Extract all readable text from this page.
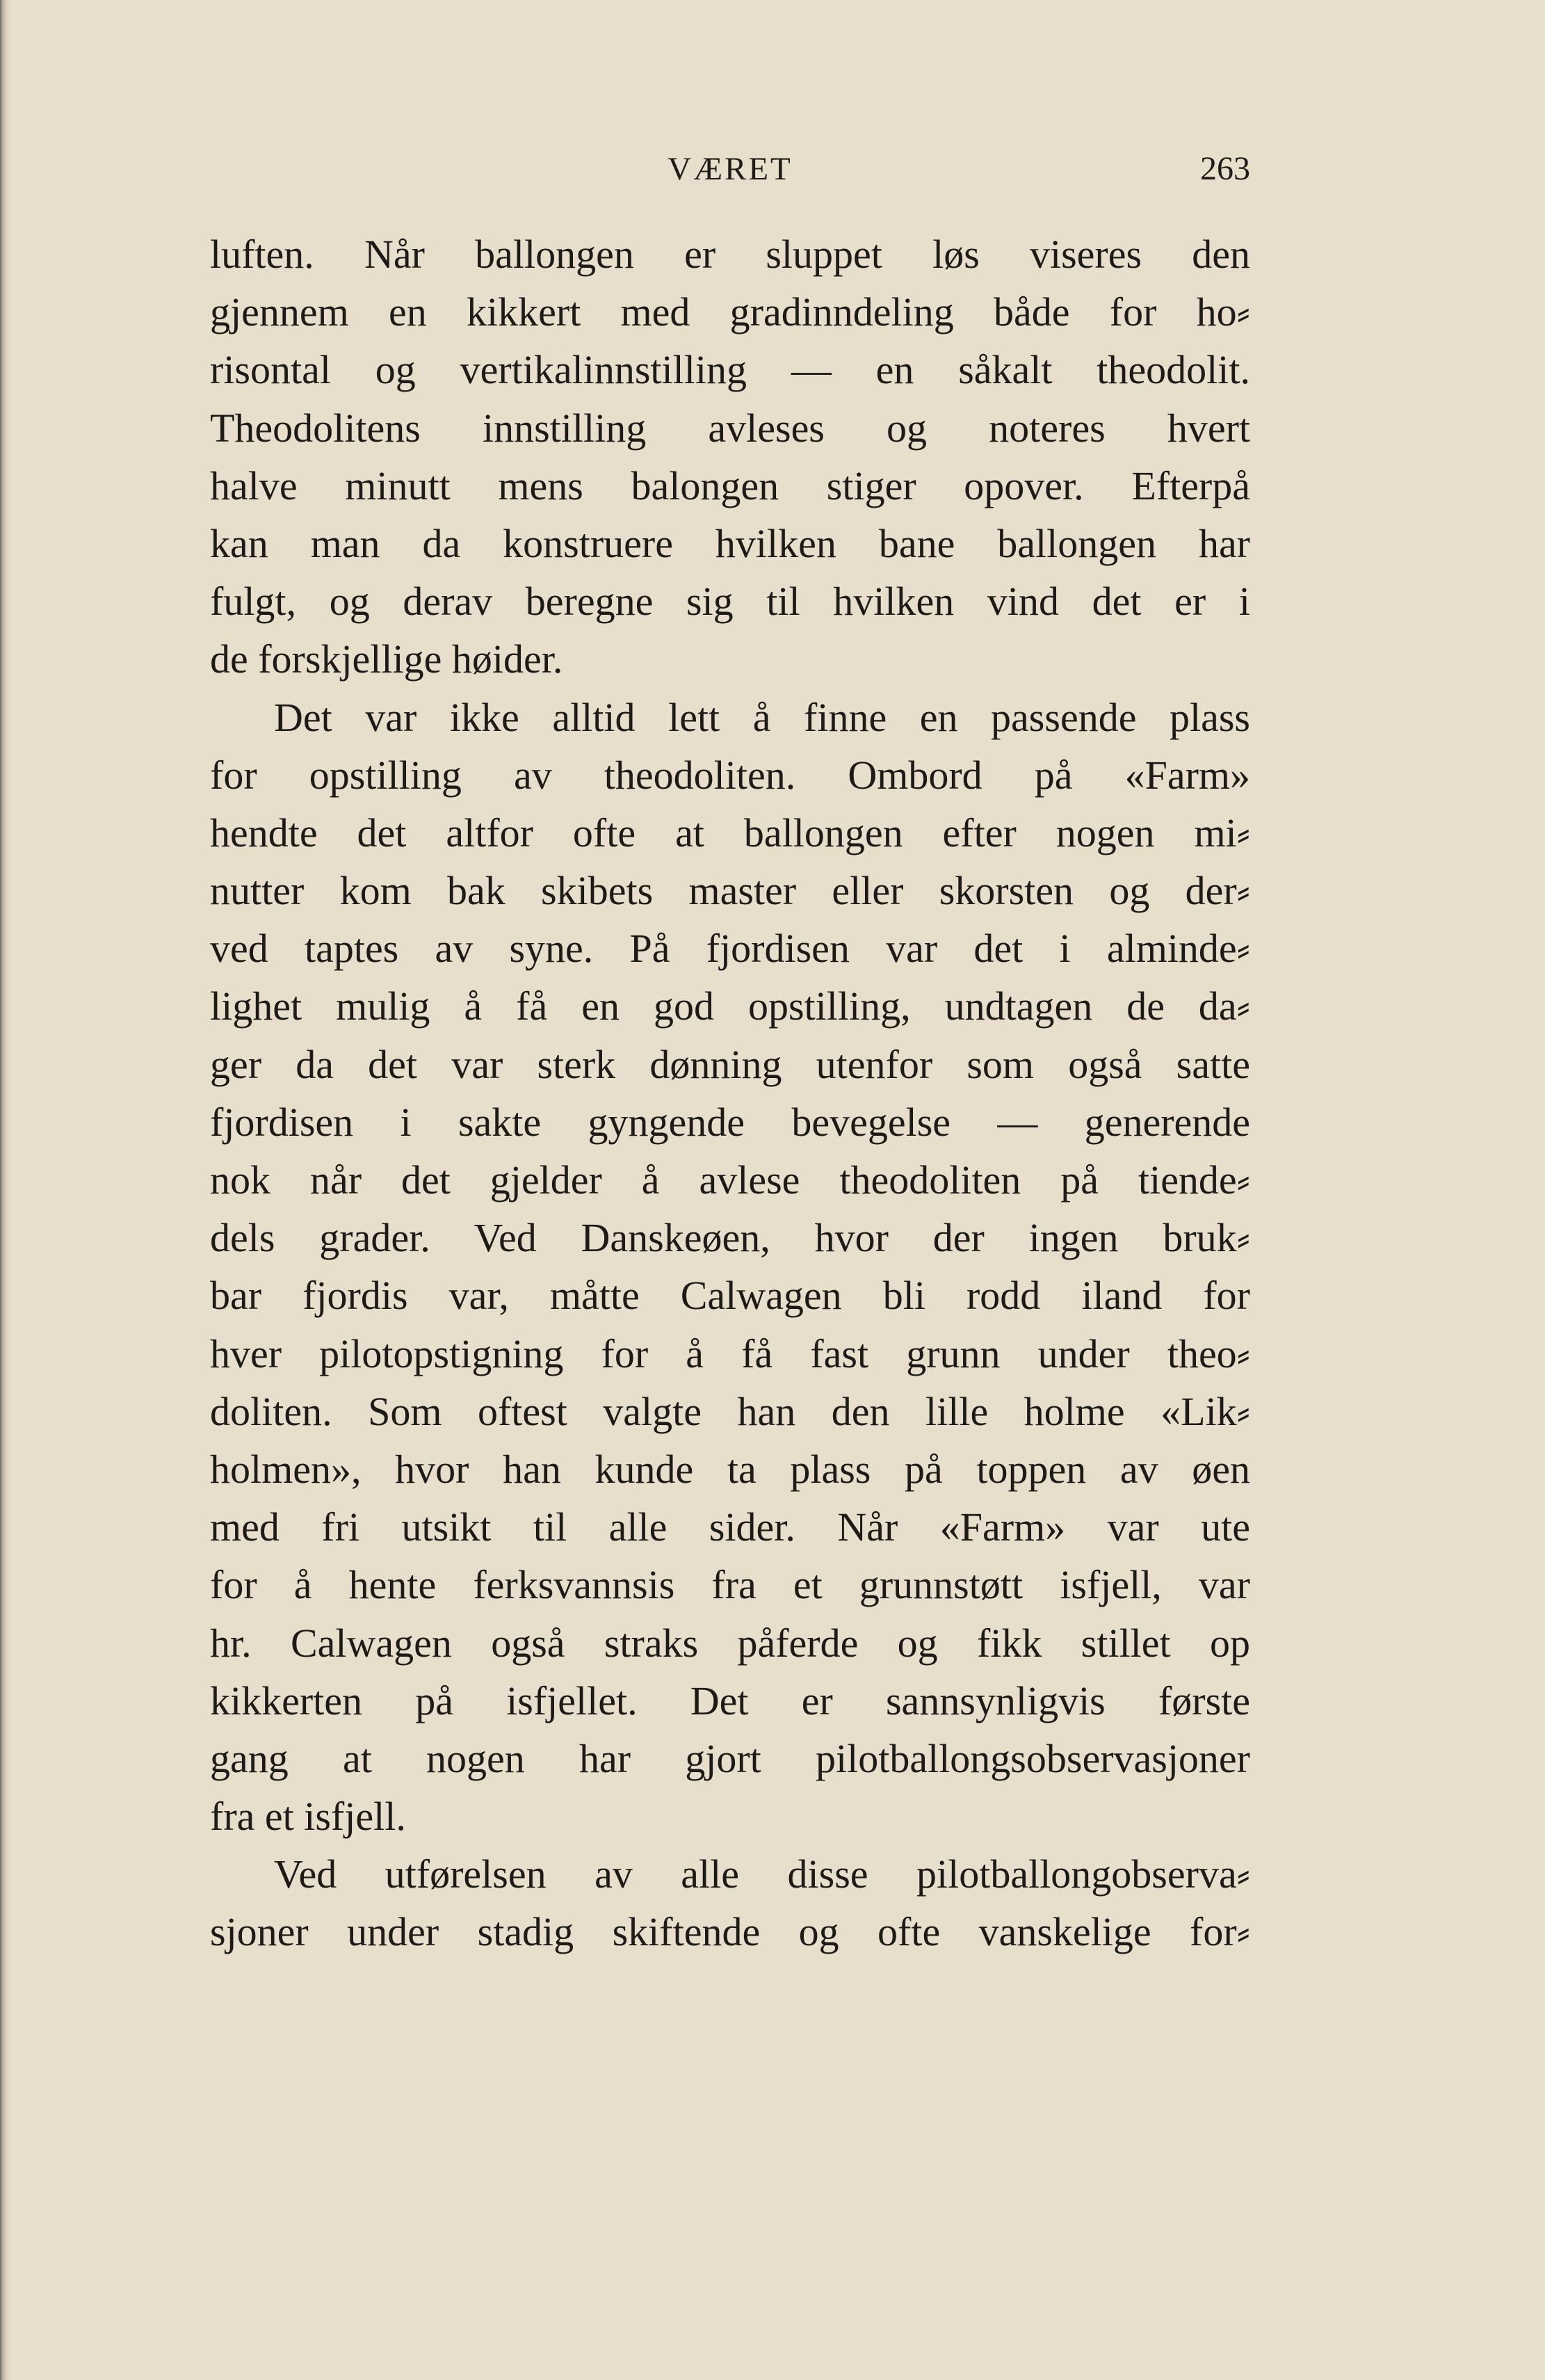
VÆRET	263
luften. Når ballongen er sluppet løs viseres den
gjennem en kikkert med gradinndeling både for ho⸗
risontal og vertikalinnstilling — en såkalt theodolit.
Theodolitens innstilling avleses og noteres hvert
halve minutt mens balongen stiger opover. Efterpå
kan man da konstruere hvilken bane ballongen har
fulgt, og derav beregne sig til hvilken vind det er i
de forskjellige høider.
Det var ikke alltid lett å finne en passende plass
for opstilling av theodoliten. Ombord på «Farm»
hendte det altfor ofte at ballongen efter nogen mi⸗
nutter kom bak skibets master eller skorsten og der⸗
ved taptes av syne. På fjordisen var det i alminde⸗
lighet mulig å få en god opstilling, undtagen de da⸗
ger da det var sterk dønning utenfor som også satte
fjordisen i sakte gyngende bevegelse — generende
nok når det gjelder å avlese theodoliten på tiende⸗
dels grader. Ved Danskeøen, hvor der ingen bruk⸗
bar fjordis var, måtte Calwagen bli rodd iland for
hver pilotopstigning for å få fast grunn under theo⸗
doliten. Som oftest valgte han den lille holme «Lik⸗
holmen», hvor han kunde ta plass på toppen av øen
med fri utsikt til alle sider. Når «Farm» var ute
for å hente ferksvannsis fra et grunnstøtt isfjell, var
hr. Calwagen også straks påferde og fikk stillet op
kikkerten på isfjellet. Det er sannsynligvis første
gang at nogen har gjort pilotballongsobservasjoner
fra et isfjell.
Ved utførelsen av alle disse pilotballongobserva⸗
sjoner under stadig skiftende og ofte vanskelige for⸗
